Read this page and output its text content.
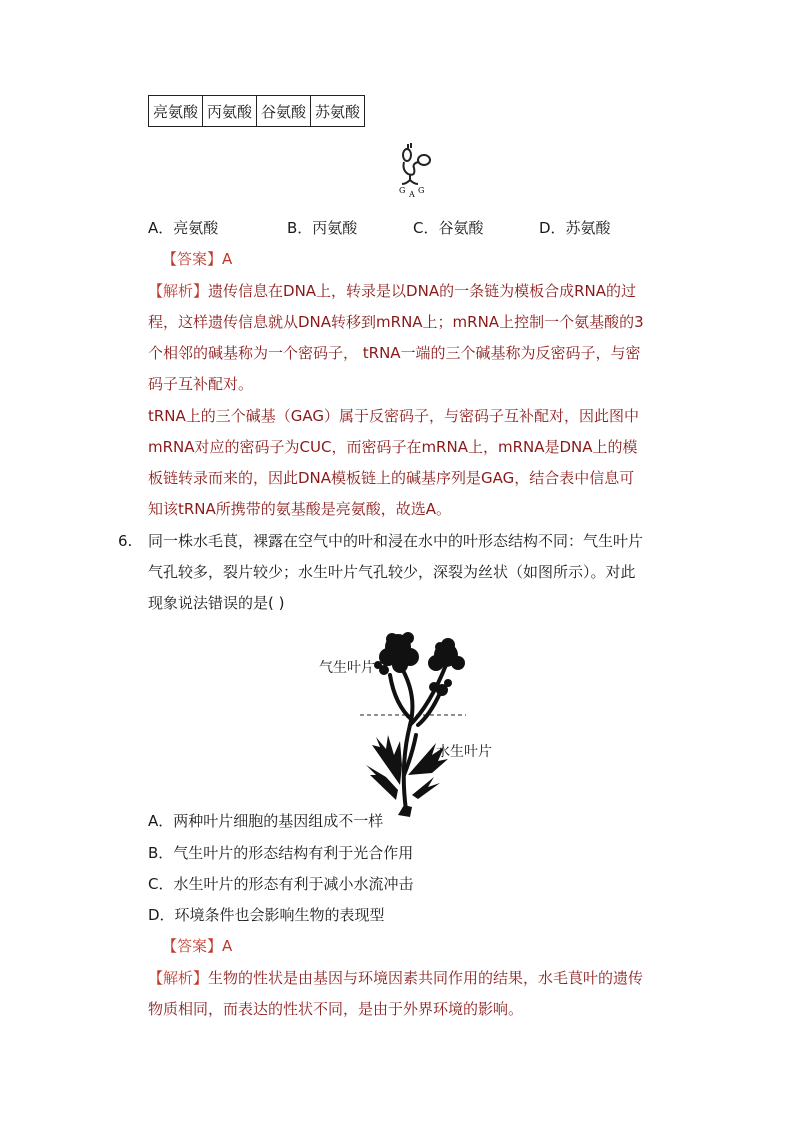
亮氨酸	丙氨酸	谷氨酸	苏氨酸
G A G
A．亮氨酸	B．丙氨酸	C．谷氨酸	D．苏氨酸
【答案】A
【解析】遗传信息在DNA上，转录是以DNA的一条链为模板合成RNA的过
程，这样遗传信息就从DNA转移到mRNA上；mRNA上控制一个氨基酸的3
个相邻的碱基称为一个密码子， tRNA一端的三个碱基称为反密码子，与密
码子互补配对。
tRNA上的三个碱基（GAG）属于反密码子，与密码子互补配对，因此图中
mRNA对应的密码子为CUC，而密码子在mRNA上，mRNA是DNA上的模
板链转录而来的，因此DNA模板链上的碱基序列是GAG，结合表中信息可
知该tRNA所携带的氨基酸是亮氨酸，故选A。
6. 同一株水毛茛，裸露在空气中的叶和浸在水中的叶形态结构不同：气生叶片
气孔较多，裂片较少；水生叶片气孔较少，深裂为丝状（如图所示）。对此
现象说法错误的是( )
气生叶片
水生叶片
A．两种叶片细胞的基因组成不一样
B．气生叶片的形态结构有利于光合作用
C．水生叶片的形态有利于减小水流冲击
D．环境条件也会影响生物的表现型
【答案】A
【解析】生物的性状是由基因与环境因素共同作用的结果，水毛茛叶的遗传
物质相同，而表达的性状不同，是由于外界环境的影响。
